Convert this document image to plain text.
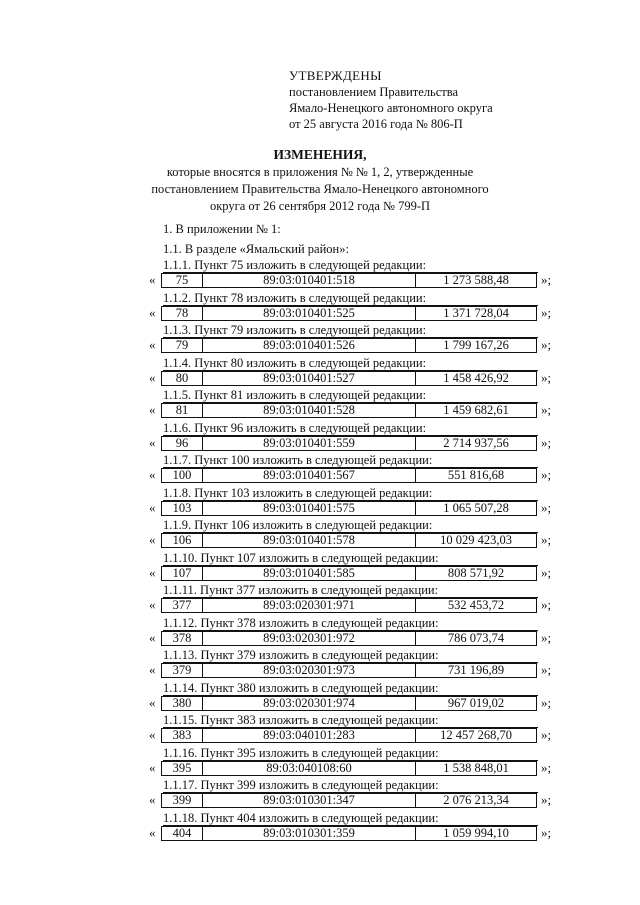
УТВЕРЖДЕНЫ
постановлением Правительства
Ямало-Ненецкого автономного округа
от 25 августа 2016 года № 806-П
ИЗМЕНЕНИЯ,
которые вносятся в приложения № № 1, 2, утвержденные
постановлением Правительства Ямало-Ненецкого автономного
округа от 26 сентября 2012 года № 799-П
1. В приложении № 1:
1.1. В разделе «Ямальский район»:
1.1.1. Пункт 75 изложить в следующей редакции:
«	75	89:03:010401:518	1 273 588,48	»;
1.1.2. Пункт 78 изложить в следующей редакции:
«	78	89:03:010401:525	1 371 728,04	»;
1.1.3. Пункт 79 изложить в следующей редакции:
«	79	89:03:010401:526	1 799 167,26	»;
1.1.4. Пункт 80 изложить в следующей редакции:
«	80	89:03:010401:527	1 458 426,92	»;
1.1.5. Пункт 81 изложить в следующей редакции:
«	81	89:03:010401:528	1 459 682,61	»;
1.1.6. Пункт 96 изложить в следующей редакции:
«	96	89:03:010401:559	2 714 937,56	»;
1.1.7. Пункт 100 изложить в следующей редакции:
«	100	89:03:010401:567	551 816,68	»;
1.1.8. Пункт 103 изложить в следующей редакции:
«	103	89:03:010401:575	1 065 507,28	»;
1.1.9. Пункт 106 изложить в следующей редакции:
«	106	89:03:010401:578	10 029 423,03	»;
1.1.10. Пункт 107 изложить в следующей редакции:
«	107	89:03:010401:585	808 571,92	»;
1.1.11. Пункт 377 изложить в следующей редакции:
«	377	89:03:020301:971	532 453,72	»;
1.1.12. Пункт 378 изложить в следующей редакции:
«	378	89:03:020301:972	786 073,74	»;
1.1.13. Пункт 379 изложить в следующей редакции:
«	379	89:03:020301:973	731 196,89	»;
1.1.14. Пункт 380 изложить в следующей редакции:
«	380	89:03:020301:974	967 019,02	»;
1.1.15. Пункт 383 изложить в следующей редакции:
«	383	89:03:040101:283	12 457 268,70	»;
1.1.16. Пункт 395 изложить в следующей редакции:
«	395	89:03:040108:60	1 538 848,01	»;
1.1.17. Пункт 399 изложить в следующей редакции:
«	399	89:03:010301:347	2 076 213,34	»;
1.1.18. Пункт 404 изложить в следующей редакции:
«	404	89:03:010301:359	1 059 994,10	»;
